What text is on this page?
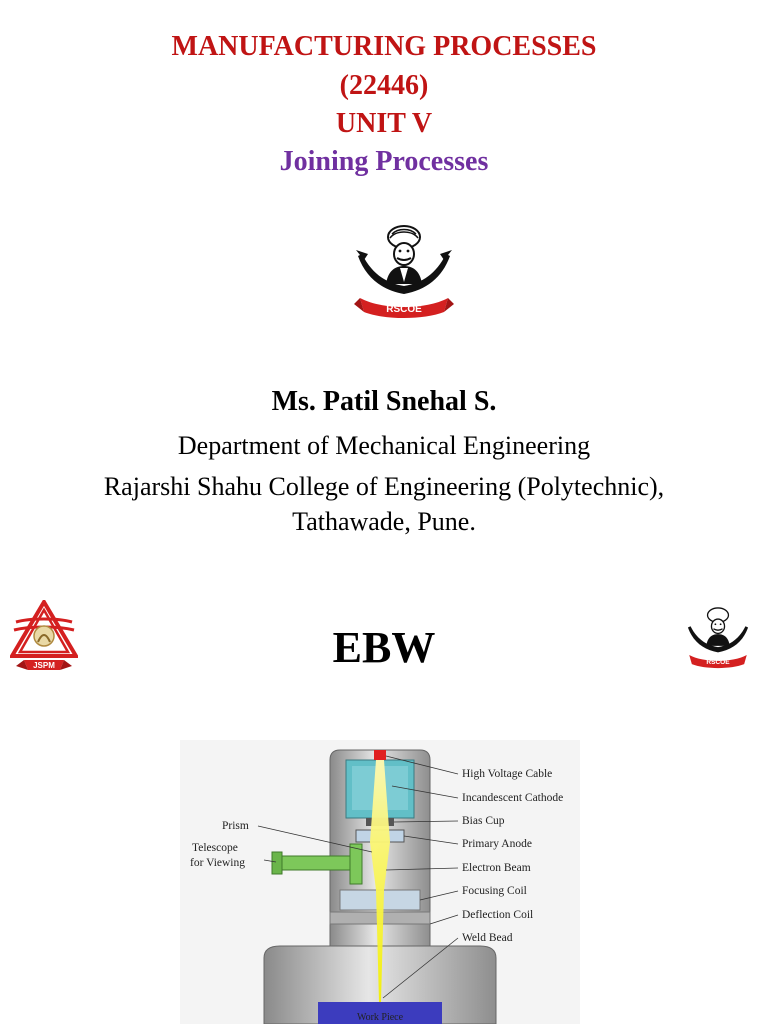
MANUFACTURING PROCESSES
(22446)
UNIT V
Joining Processes
RSCOE
Ms. Patil Snehal S.

Department of Mechanical Engineering

Rajarshi Shahu College of Engineering (Polytechnic),

Tathawade, Pune.

JSPM	EBW	RSCOE
Work Piece
High Voltage Cable
Incandescent Cathode
Bias Cup
Primary Anode
Electron Beam
Focusing Coil
Deflection Coil
Weld Bead
Prism
Telescope
for Viewing
